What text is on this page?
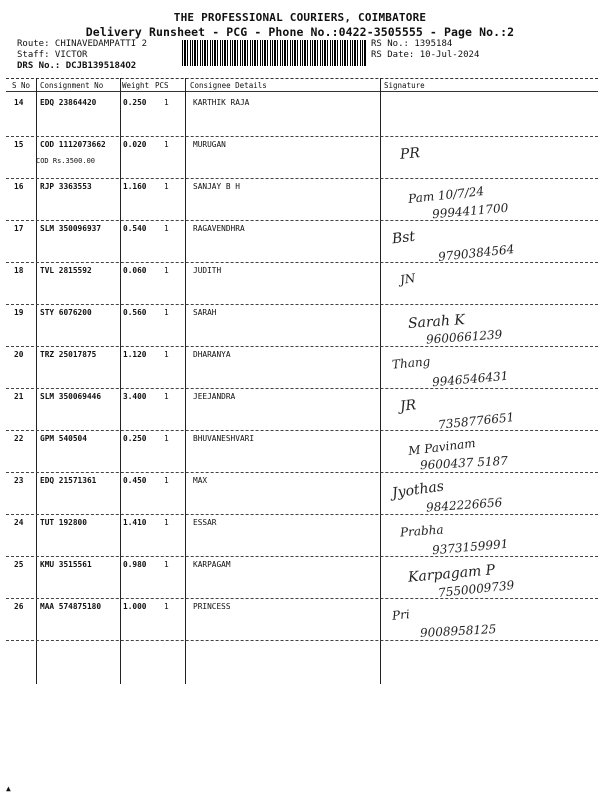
THE PROFESSIONAL COURIERS, COIMBATORE
Delivery Runsheet - PCG - Phone No.:0422-3505555 - Page No.:2
Route: CHINAVEDAMPATTI 2
Staff: VICTOR
DRS No.: DCJB1395184O2
RS No.: 1395184
RS Date: 10-Jul-2024
S No Consignment No	Weight PCS	Consignee Details	Signature
14 EDQ 23864420	0.250 1	KARTHIK RAJA
15 COD 1112073662 0.020 1	MURUGAN
COD Rs.3500.00	PR
16 RJP 3363553	1.160 1	SANJAY B H	Pam 10/7/24
9994411700
17 SLM 350096937	0.540 1	RAGAVENDHRA
Bst
9790384564
18 TVL 2815592	0.060 1	JUDITH
JN
19 STY 6076200	0.560 1	SARAH	Sarah K
9600661239
20 TRZ 25017875	1.120 1	DHARANYA	Thang
9946546431
21 SLM 350069446	3.400 1	JEEJANDRA
JR
7358776651
22 GPM 540504	0.250 1	BHUVANESHVARI	M Pavinam
9600437 5187
23 EDQ 21571361	0.450 1	MAX	Jyothas
9842226656
24 TUT 192800	1.410 1	ESSAR	Prabha
9373159991
25 KMU 3515561	0.980 1	KARPAGAM	Karpagam P
7550009739
26 MAA 574875180	1.000 1	PRINCESS
Pri
9008958125
▲
